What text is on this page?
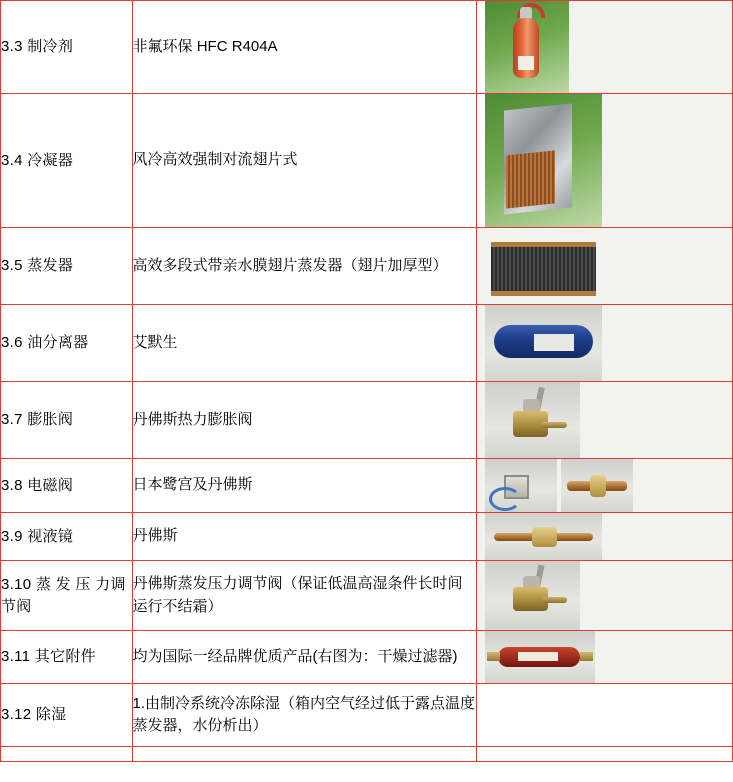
3.3 制冷剂	非氟环保 HFC R404A	

3.4 冷凝器	风冷高效强制对流翅片式	

3.5 蒸发器	高效多段式带亲水膜翅片蒸发器（翅片加厚型）	

3.6 油分离器	艾默生	

3.7 膨胀阀	丹佛斯热力膨胀阀	

3.8 电磁阀	日本鹭宫及丹佛斯	

3.9 视液镜	丹佛斯	

3.10 蒸 发 压 力调节阀	丹佛斯蒸发压力调节阀（保证低温高湿条件长时间运行不结霜）	

3.11 其它附件	均为国际一经品牌优质产品(右图为：干燥过滤器)	

3.12 除湿	1.由制冷系统冷冻除湿（箱内空气经过低于露点温度蒸发器，水份析出）	
